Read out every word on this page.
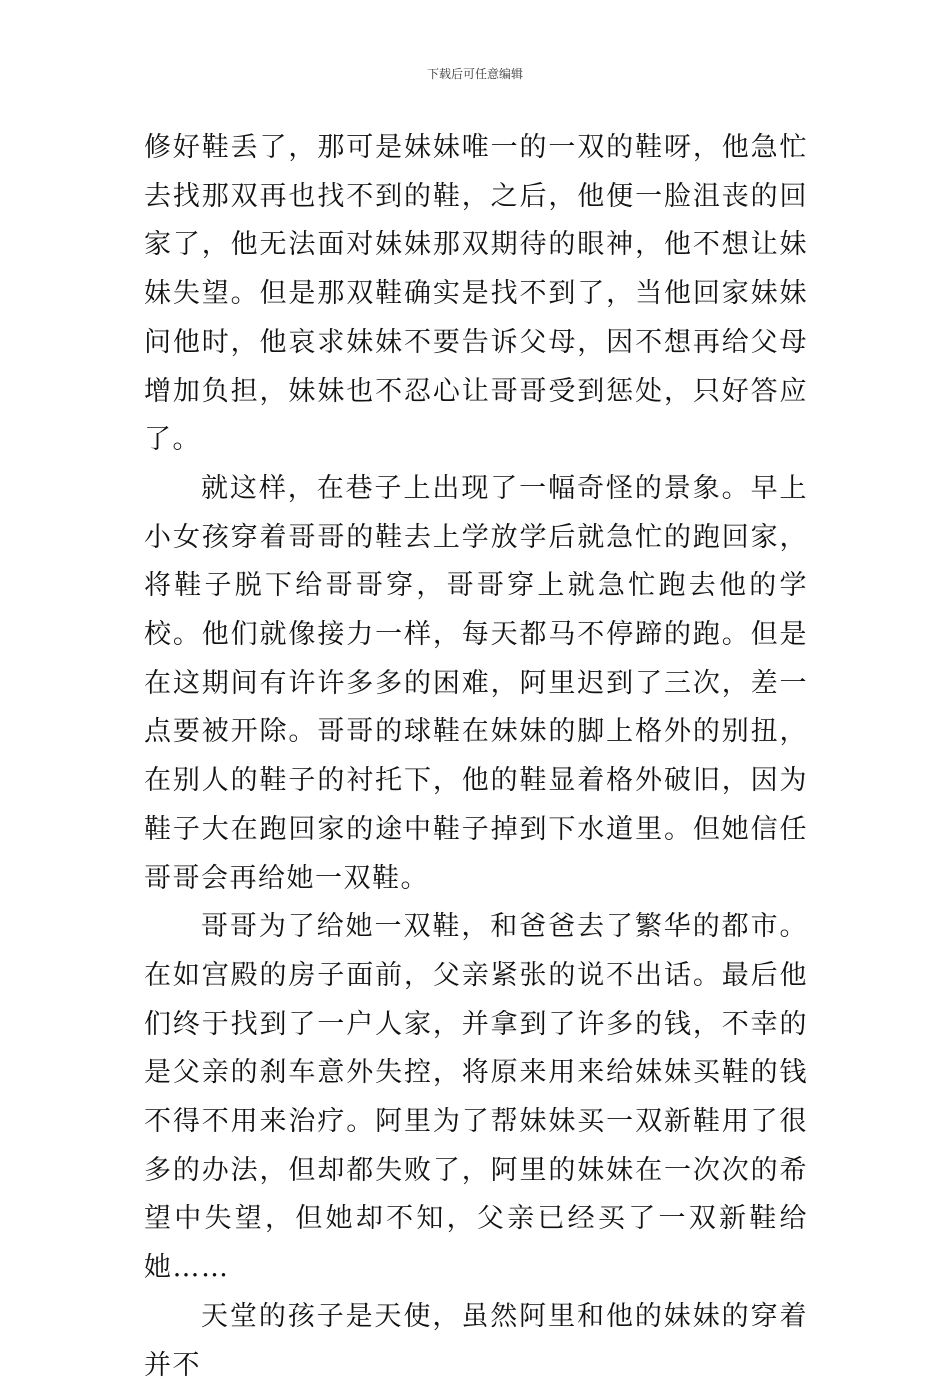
下载后可任意编辑

修好鞋丢了，那可是妹妹唯一的一双的鞋呀，他急忙去找那双再也找不到的鞋，之后，他便一脸沮丧的回家了，他无法面对妹妹那双期待的眼神，他不想让妹妹失望。但是那双鞋确实是找不到了，当他回家妹妹问他时，他哀求妹妹不要告诉父母，因不想再给父母增加负担，妹妹也不忍心让哥哥受到惩处，只好答应了。

就这样，在巷子上出现了一幅奇怪的景象。早上小女孩穿着哥哥的鞋去上学放学后就急忙的跑回家，将鞋子脱下给哥哥穿，哥哥穿上就急忙跑去他的学校。他们就像接力一样，每天都马不停蹄的跑。但是在这期间有许许多多的困难，阿里迟到了三次，差一点要被开除。哥哥的球鞋在妹妹的脚上格外的别扭，在别人的鞋子的衬托下，他的鞋显着格外破旧，因为鞋子大在跑回家的途中鞋子掉到下水道里。但她信任哥哥会再给她一双鞋。

哥哥为了给她一双鞋，和爸爸去了繁华的都市。在如宫殿的房子面前，父亲紧张的说不出话。最后他们终于找到了一户人家，并拿到了许多的钱，不幸的是父亲的刹车意外失控，将原来用来给妹妹买鞋的钱不得不用来治疗。阿里为了帮妹妹买一双新鞋用了很多的办法，但却都失败了，阿里的妹妹在一次次的希望中失望，但她却不知，父亲已经买了一双新鞋给她……

天堂的孩子是天使，虽然阿里和他的妹妹的穿着并不
